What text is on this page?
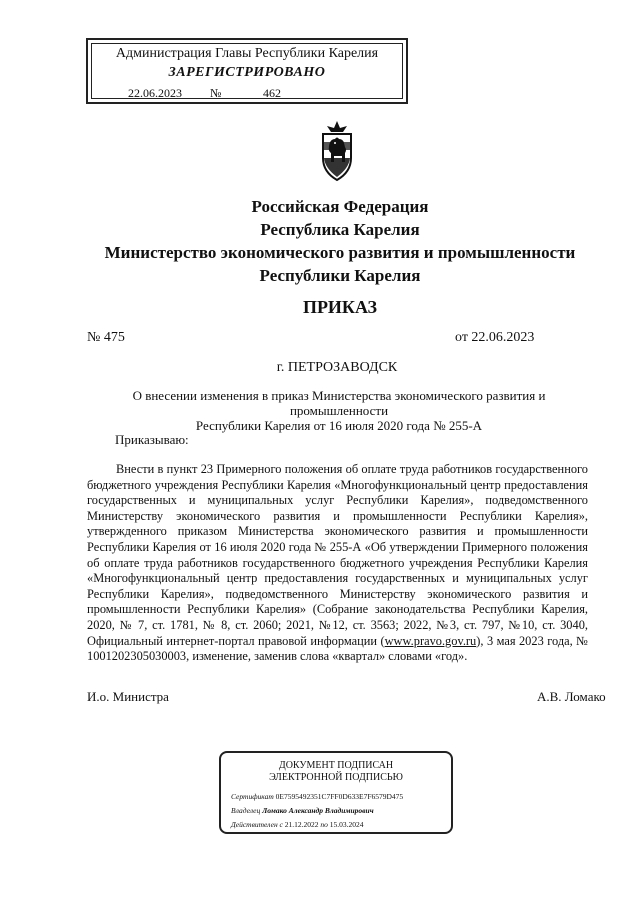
Администрация Главы Республики Карелия
ЗАРЕГИСТРИРОВАНО
22.06.2023 №	462
Российская Федерация
Республика Карелия
Министерство экономического развития и промышленности
Республики Карелия
ПРИКАЗ
№ 475	от 22.06.2023
г. ПЕТРОЗАВОДСК
О внесении изменения в приказ Министерства экономического развития и промышленности
Республики Карелия от 16 июля 2020 года № 255-А
Приказываю:
Внести в пункт 23 Примерного положения об оплате труда работников государственного бюджетного учреждения Республики Карелия «Многофункциональный центр предоставления государственных и муниципальных услуг Республики Карелия», подведомственного Министерству экономического развития и промышленности Республики Карелия», утвержденного приказом Министерства экономического развития и промышленности Республики Карелия от 16 июля 2020 года № 255-А «Об утверждении Примерного положения об оплате труда работников государственного бюджетного учреждения Республики Карелия «Многофункциональный центр предоставления государственных и муниципальных услуг Республики Карелия», подведомственного Министерству экономического развития и промышленности Республики Карелия» (Собрание законодательства Республики Карелия, 2020, № 7, ст. 1781, № 8, ст. 2060; 2021, №12, ст. 3563; 2022, №3, ст. 797, №10, ст. 3040, Официальный интернет-портал правовой информации (www.pravo.gov.ru), 3 мая 2023 года, № 1001202305030003, изменение, заменив слова «квартал» словами «год».
И.о. Министра	А.В. Ломако
ДОКУМЕНТ ПОДПИСАН
ЭЛЕКТРОННОЙ ПОДПИСЬЮ
Сертификат 0E7595492351C7FF0D633E7F6579D475
Владелец Ломако Александр Владимирович
Действителен с 21.12.2022 по 15.03.2024
